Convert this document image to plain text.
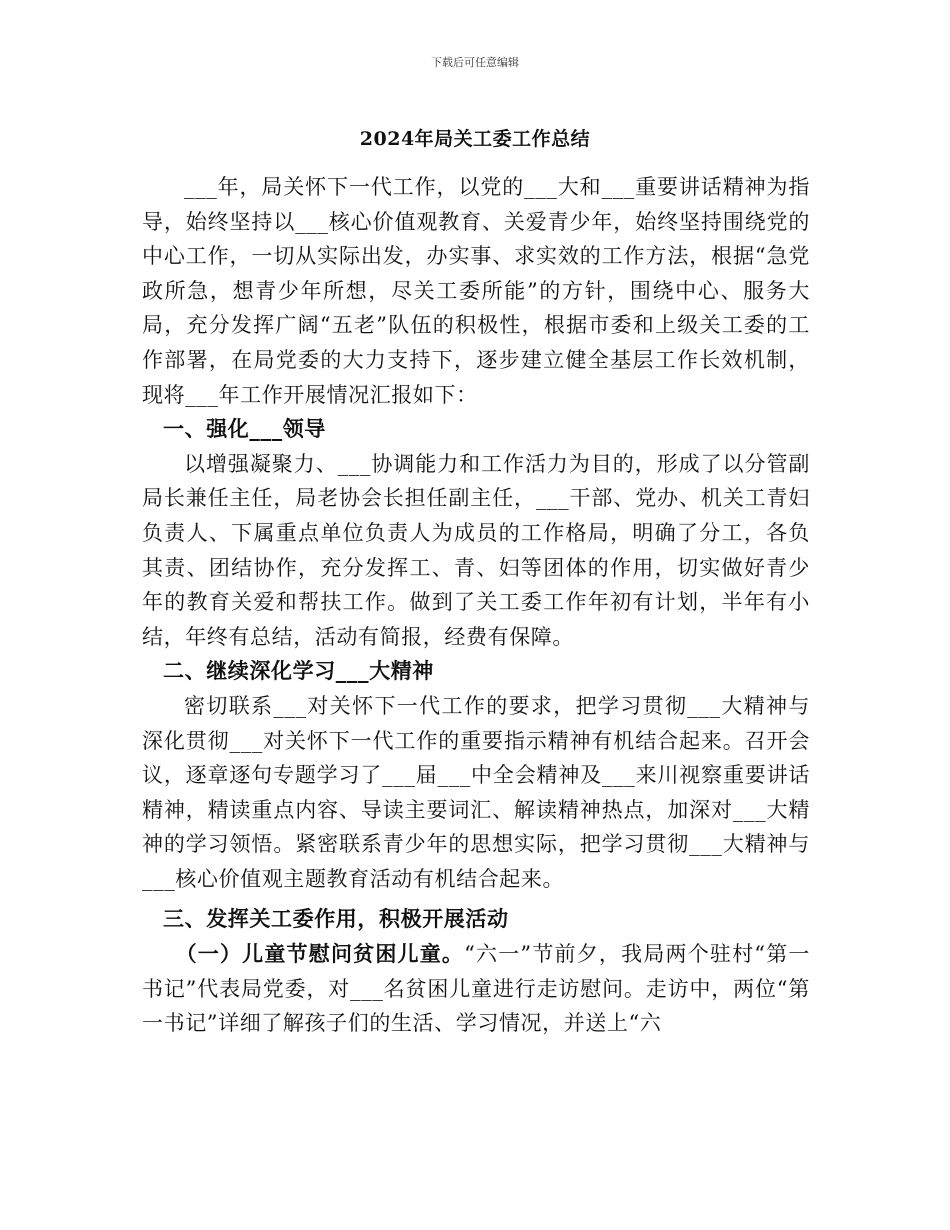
下载后可任意编辑
2024年局关工委工作总结

___年，局关怀下一代工作，以党的___大和___重要讲话精神为指导，始终坚持以___核心价值观教育、关爱青少年，始终坚持围绕党的中心工作，一切从实际出发，办实事、求实效的工作方法，根据“急党政所急，想青少年所想，尽关工委所能”的方针，围绕中心、服务大局，充分发挥广阔“五老”队伍的积极性，根据市委和上级关工委的工作部署，在局党委的大力支持下，逐步建立健全基层工作长效机制，现将___年工作开展情况汇报如下：

一、强化___领导

以增强凝聚力、___协调能力和工作活力为目的，形成了以分管副局长兼任主任，局老协会长担任副主任，___干部、党办、机关工青妇负责人、下属重点单位负责人为成员的工作格局，明确了分工，各负其责、团结协作，充分发挥工、青、妇等团体的作用，切实做好青少年的教育关爱和帮扶工作。做到了关工委工作年初有计划，半年有小结，年终有总结，活动有简报，经费有保障。

二、继续深化学习___大精神

密切联系___对关怀下一代工作的要求，把学习贯彻___大精神与深化贯彻___对关怀下一代工作的重要指示精神有机结合起来。召开会议，逐章逐句专题学习了___届___中全会精神及___来川视察重要讲话精神，精读重点内容、导读主要词汇、解读精神热点，加深对___大精神的学习领悟。紧密联系青少年的思想实际，把学习贯彻___大精神与___核心价值观主题教育活动有机结合起来。

三、发挥关工委作用，积极开展活动

（一）儿童节慰问贫困儿童。“六一”节前夕，我局两个驻村“第一书记”代表局党委，对___名贫困儿童进行走访慰问。走访中，两位“第一书记”详细了解孩子们的生活、学习情况，并送上“六
